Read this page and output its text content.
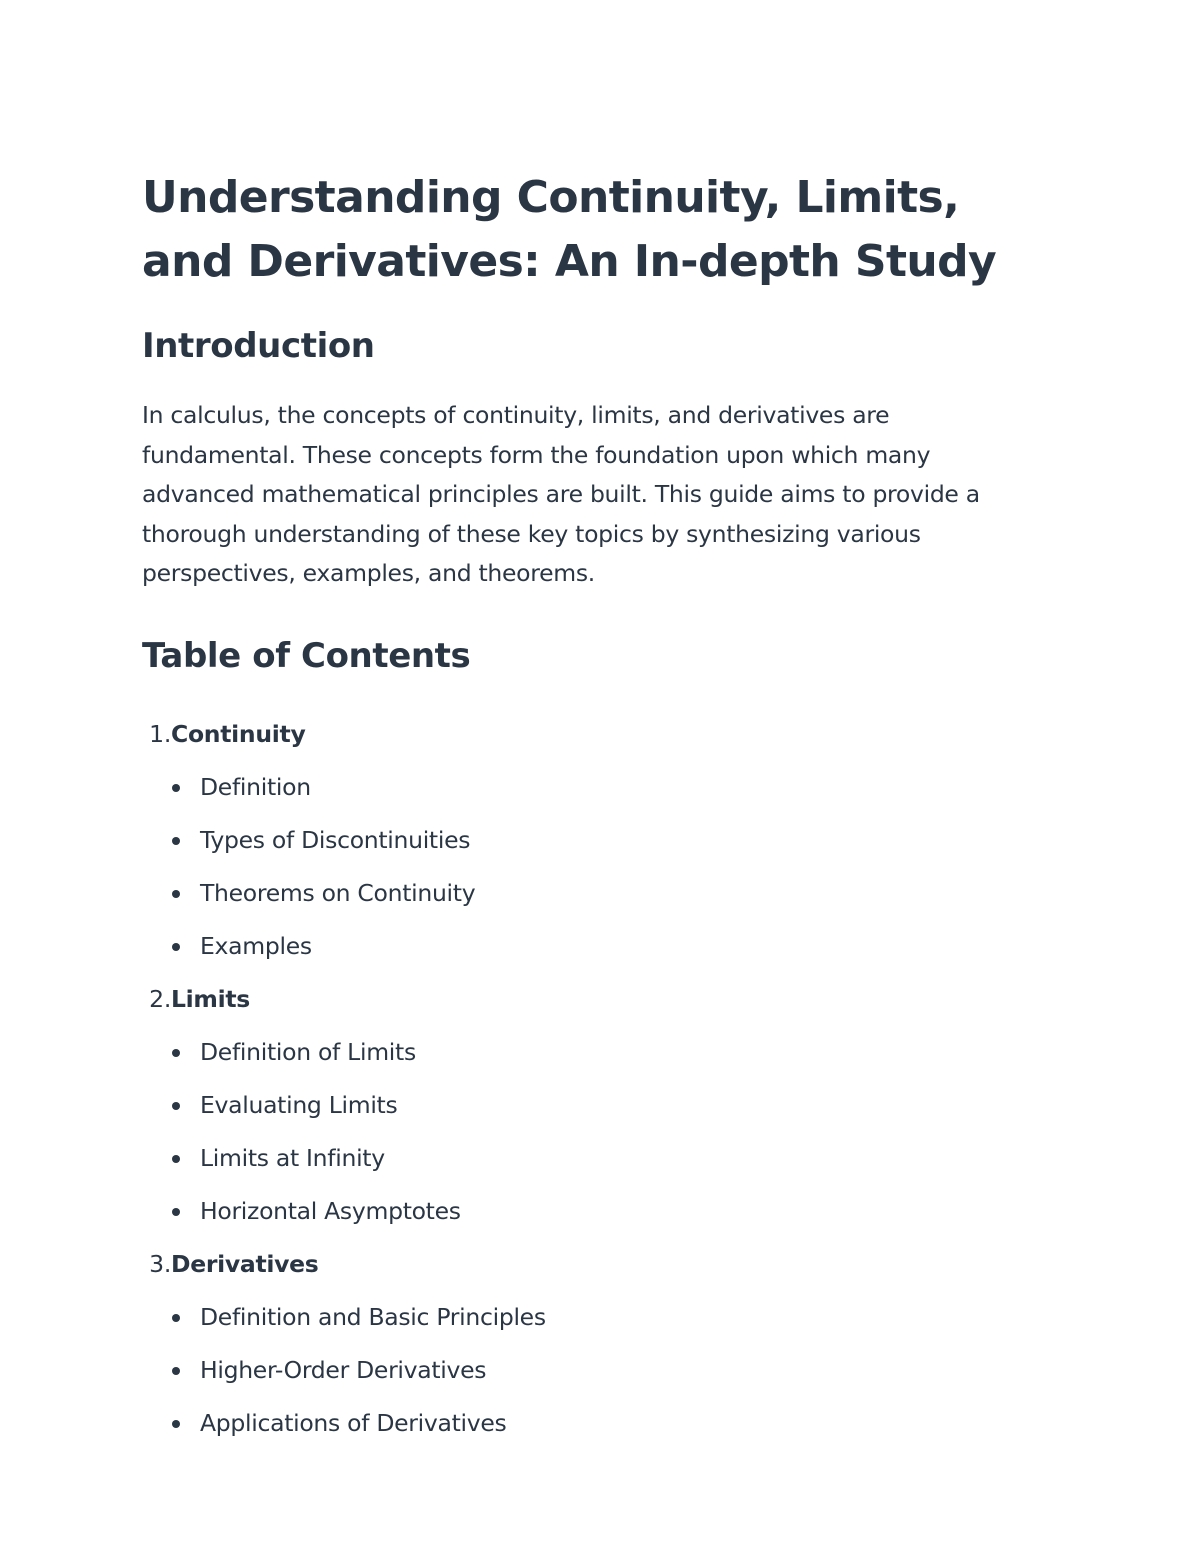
Understanding Continuity, Limits, and Derivatives: An In-depth Study
Introduction

In calculus, the concepts of continuity, limits, and derivatives are fundamental. These concepts form the foundation upon which many advanced mathematical principles are built. This guide aims to provide a thorough understanding of these key topics by synthesizing various perspectives, examples, and theorems.

Table of Contents
1. Continuity
Definition
Types of Discontinuities
Theorems on Continuity
Examples
2. Limits
Definition of Limits
Evaluating Limits
Limits at Infinity
Horizontal Asymptotes
3. Derivatives
Definition and Basic Principles
Higher-Order Derivatives
Applications of Derivatives
